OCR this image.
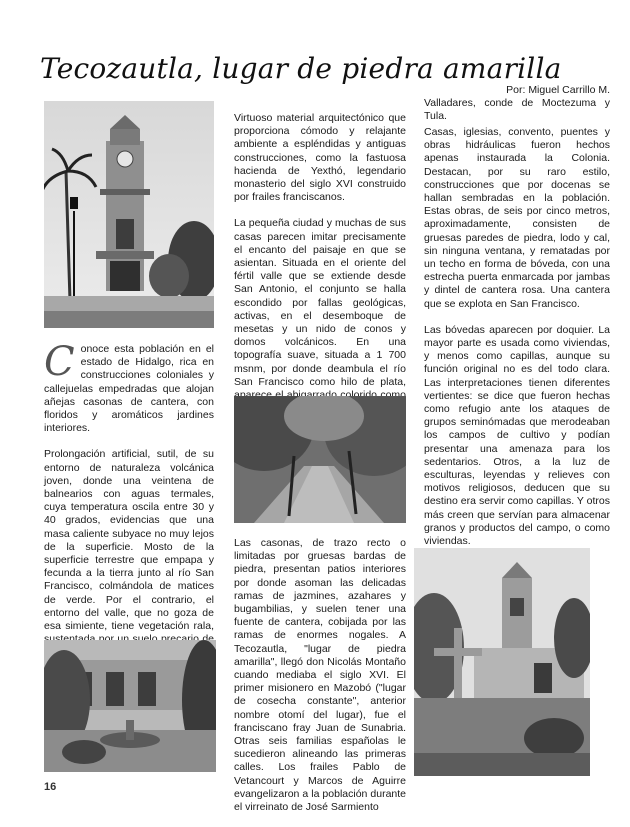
Tecozautla, lugar de piedra amarilla
Por: Miguel Carrillo M.
Valladares, conde de Moctezuma y Tula.

Conoce esta población en el estado de Hidalgo, rica en construcciones coloniales y callejuelas empedradas que alojan añejas casonas de cantera, con floridos y aromáticos jardines interiores.

Prolongación artificial, sutil, de su entorno de naturaleza volcánica joven, donde una veintena de balnearios con aguas termales, cuya temperatura oscila entre 30 y 40 grados, evidencias que una masa caliente subyace no muy lejos de la superficie. Mosto de la superficie terrestre que empapa y fecunda a la tierra junto al río San Francisco, colmándola de matices de verde. Por el contrario, el entorno del valle, que no goza de esa simiente, tiene vegetación rala,

Virtuoso material arquitectónico que proporciona cómodo y relajante ambiente a espléndidas y antiguas construcciones, como la fastuosa hacienda de Yexthó, legendario monasterio del siglo XVI construido por frailes franciscanos.

La pequeña ciudad y muchas de sus casas parecen imitar precisamente el encanto del paisaje en que se asientan. Situada en el oriente del fértil valle que se extiende desde San Antonio, el conjunto se halla escondido por fallas geológicas, activas, en el desemboque de mesetas y un nido de conos y domos volcánicos. En una topografía suave, situada a 1 700 msnm, por donde deambula el río San Francisco como hilo de plata,

Las casonas, de trazo recto o limitadas por gruesas bardas de piedra, presentan patios interiores por donde asoman las delicadas ramas de jazmines, azahares y bugambilias, y suelen tener una fuente de cantera, cobijada por las ramas de enormes nogales. A Tecozautla, "lugar de piedra amarilla", llegó don Nicolás Montaño cuando mediaba el siglo XVI. El primer misionero en Mazobó ("lugar de cosecha constante", anterior nombre otomí del lugar), fue el franciscano fray Juan de Sunabria. Otras seis familias españolas le sucedieron alineando las primeras calles. Los frailes Pablo de Vetancourt y Marcos de Aguirre evangelizaron a la población durante el virreinato de José Sarmiento

Casas, iglesias, convento, puentes y obras hidráulicas fueron hechos apenas instaurada la Colonia. Destacan, por su raro estilo, construcciones que por docenas se hallan sembradas en la población. Estas obras, de seis por cinco metros, aproximadamente, consisten de gruesas paredes de piedra, lodo y cal, sin ninguna ventana, y rematadas por un techo en forma de bóveda, con una estrecha puerta enmarcada por jambas y dintel de cantera rosa. Una cantera que se explota en San Francisco.

Las bóvedas aparecen por doquier. La mayor parte es usada como viviendas, y menos como capillas, aunque su función original no es del todo clara. Las interpretaciones tienen diferentes vertientes: se dice que fueron hechas como refugio ante los ataques de grupos seminómadas que merodeaban los campos de cultivo y podían presentar una amenaza para los sedentarios. Otros, a la luz de esculturas, leyendas y relieves con motivos religiosos, deducen que su destino era servir como capillas. Y otros más creen que servían para almacenar granos y productos del campo, o como viviendas.

16
